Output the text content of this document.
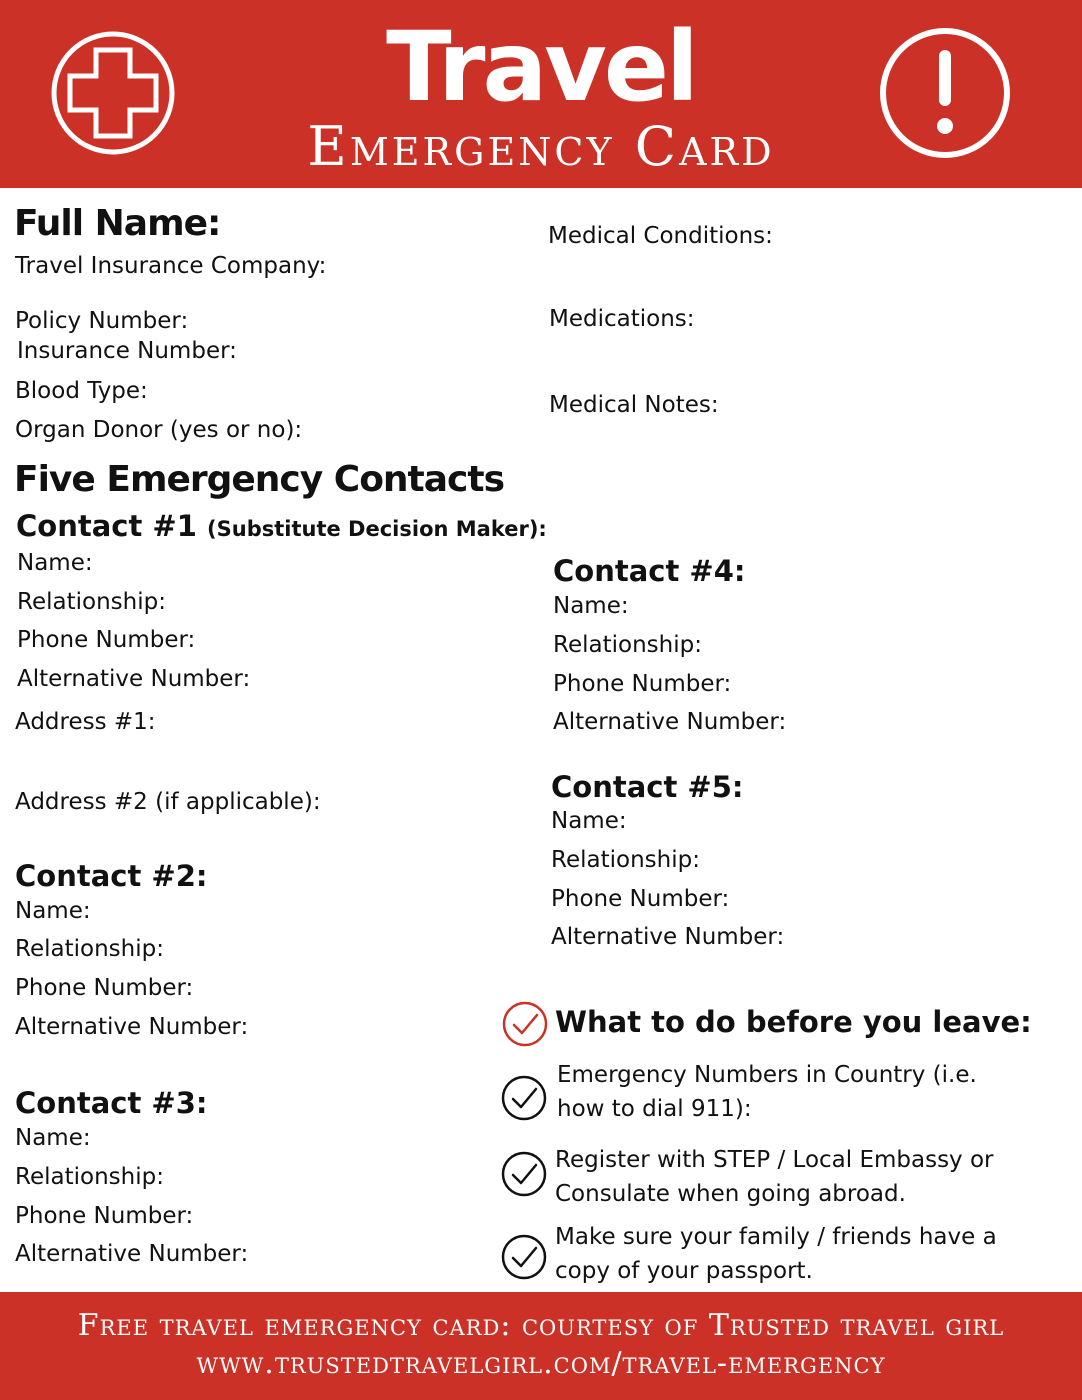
Travel
Emergency Card
Full Name:
Travel Insurance Company:
Policy Number:
Insurance Number:
Blood Type:
Organ Donor (yes or no):
Medical Conditions:
Medications:
Medical Notes:
Five Emergency Contacts
Contact #1 (Substitute Decision Maker):
Name:
Relationship:
Phone Number:
Alternative Number:
Address #1:
Address #2 (if applicable):
Contact #2:
Name:
Relationship:
Phone Number:
Alternative Number:
Contact #3:
Name:
Relationship:
Phone Number:
Alternative Number:
Contact #4:
Name:
Relationship:
Phone Number:
Alternative Number:
Contact #5:
Name:
Relationship:
Phone Number:
Alternative Number:
What to do before you leave:
Emergency Numbers in Country (i.e. how to dial 911):
Register with STEP / Local Embassy or Consulate when going abroad.
Make sure your family / friends have a copy of your passport.
Free travel emergency card: courtesy of Trusted travel girl
www.trustedtravelgirl.com/travel-emergency
